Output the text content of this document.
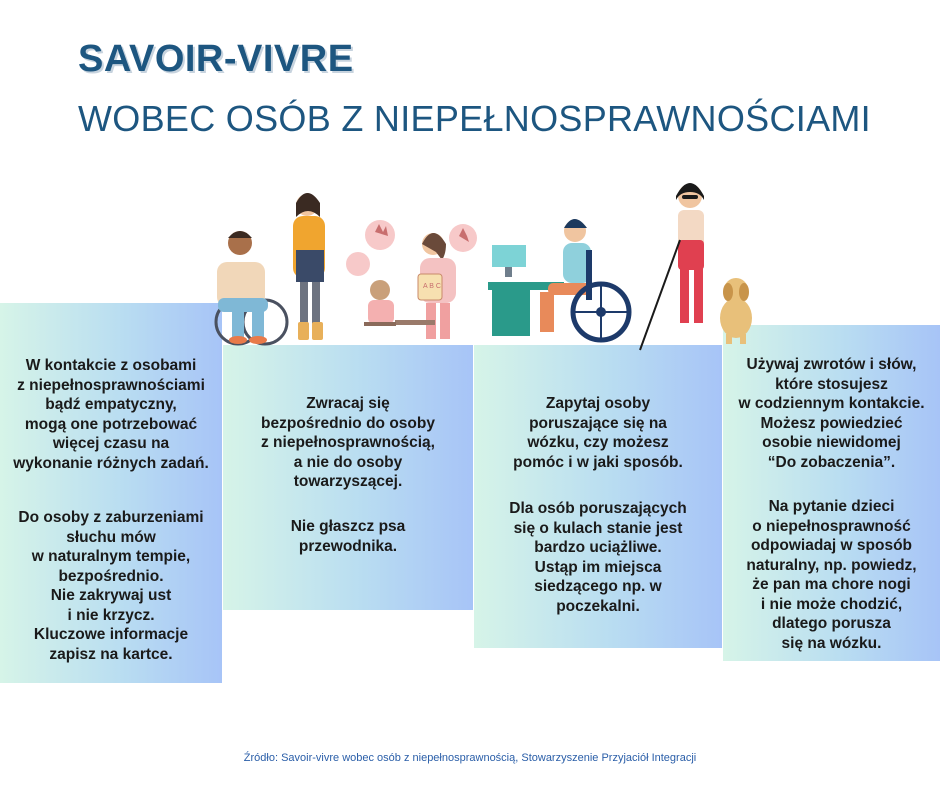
SAVOIR-VIVRE
WOBEC OSÓB Z NIEPEŁNOSPRAWNOŚCIAMI

W kontakcie z osobami
z niepełnosprawnościami
bądź empatyczny,
mogą one potrzebować
więcej czasu na
wykonanie różnych zadań.

Do osoby z zaburzeniami
słuchu mów
w naturalnym tempie,
bezpośrednio.
Nie zakrywaj ust
i nie krzycz.
Kluczowe informacje
zapisz na kartce.

Zwracaj się
bezpośrednio do osoby
z niepełnosprawnością,
a nie do osoby
towarzyszącej.

Nie głaszcz psa
przewodnika.

Zapytaj osoby
poruszające się na
wózku, czy możesz
pomóc i w jaki sposób.

Dla osób poruszających
się o kulach stanie jest
bardzo uciążliwe.
Ustąp im miejsca
siedzącego np. w
poczekalni.

Używaj zwrotów i słów,
które stosujesz
w codziennym kontakcie.
Możesz powiedzieć
osobie niewidomej
“Do zobaczenia”.

Na pytanie dzieci
o niepełnosprawność
odpowiadaj w sposób
naturalny, np. powiedz,
że pan ma chore nogi
i nie może chodzić,
dlatego porusza
się na wózku.

A B C
Źródło: Savoir-vivre wobec osób z niepełnosprawnością, Stowarzyszenie Przyjaciół Integracji
